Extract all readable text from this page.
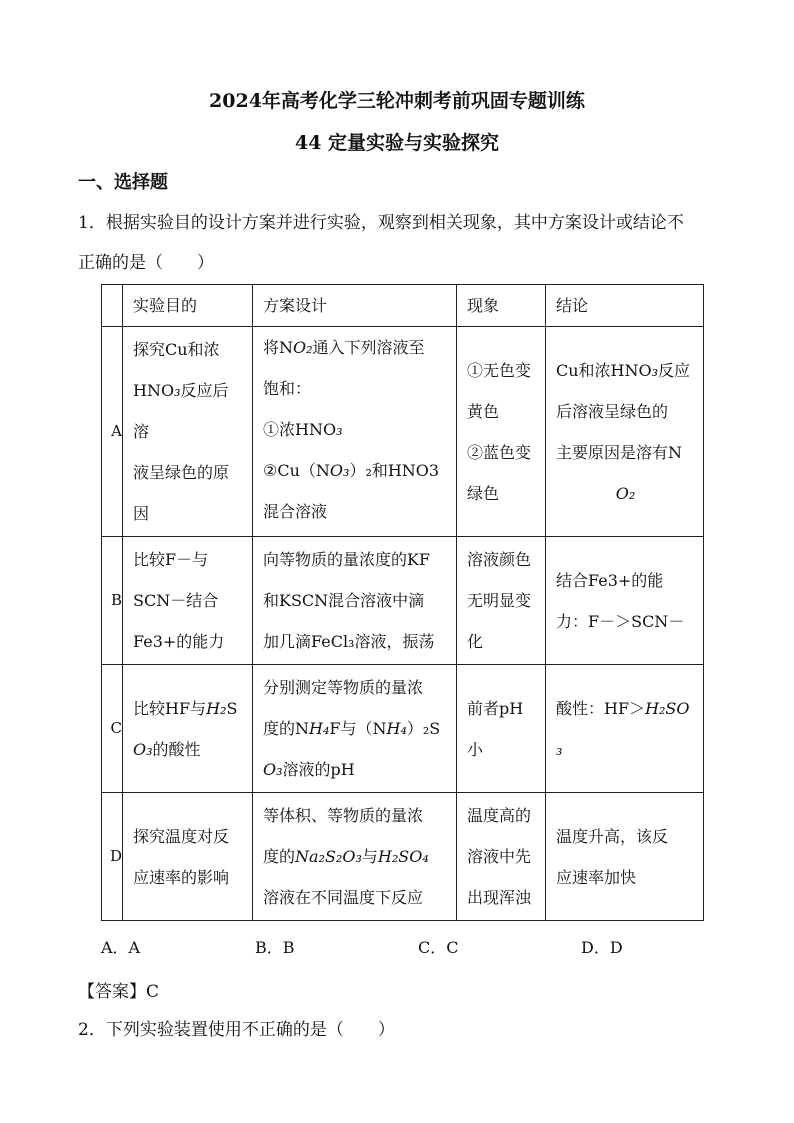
2024年高考化学三轮冲刺考前巩固专题训练
44 定量实验与实验探究
一、选择题
1．根据实验目的设计方案并进行实验，观察到相关现象，其中方案设计或结论不
正确的是（　　）
	实验目的	方案设计	现象	结论
A	探究Cu和浓
HNO₃反应后溶
液呈绿色的原
因	将NO₂通入下列溶液至
饱和：
①浓HNO₃
②Cu（NO₃）₂和HNO3
混合溶液	①无色变
黄色
②蓝色变
绿色	Cu和浓HNO₃反应
后溶液呈绿色的
主要原因是溶有N

O₂

B	比较F－与
SCN－结合
Fe3+的能力	向等物质的量浓度的KF
和KSCN混合溶液中滴
加几滴FeCl₃溶液，振荡	溶液颜色
无明显变
化	结合Fe3+的能
力：F－＞SCN－
C	比较HF与H₂S
O₃的酸性	分别测定等物质的量浓
度的NH₄F与（NH₄）₂S
O₃溶液的pH	前者pH
小	酸性：HF＞H₂SO₃
D	探究温度对反
应速率的影响	等体积、等物质的量浓
度的Na₂S₂O₃与H₂SO₄
溶液在不同温度下反应	温度高的
溶液中先
出现浑浊	温度升高，该反
应速率加快
A．A	B．B	C．C	D．D
【答案】C
2．下列实验装置使用不正确的是（　　）
